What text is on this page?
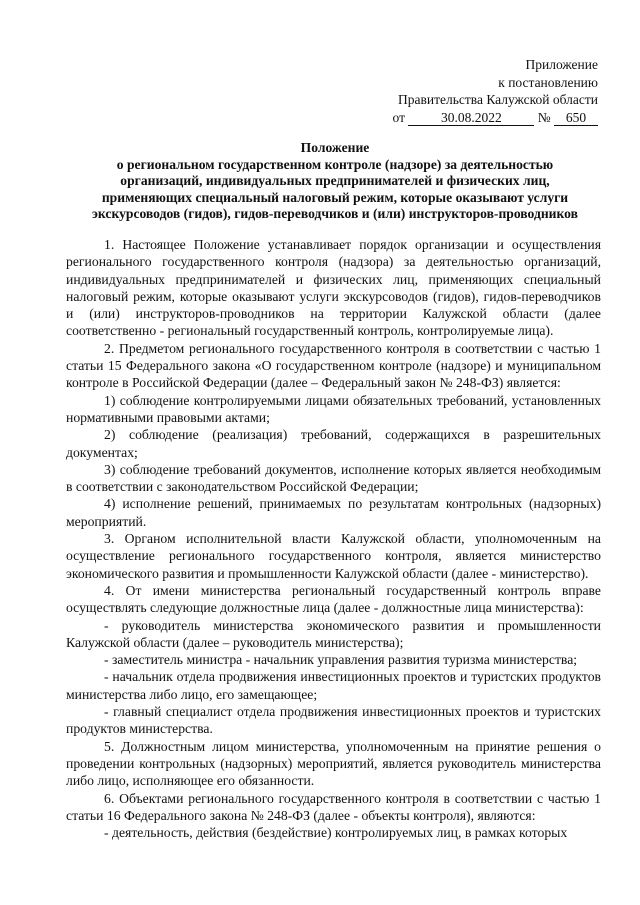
Приложение
к постановлению
Правительства Калужской области
от	30.08.2022	№ 650
Положение
о региональном государственном контроле (надзоре) за деятельностью
организаций, индивидуальных предпринимателей и физических лиц,
применяющих специальный налоговый режим, которые оказывают услуги
экскурсоводов (гидов), гидов-переводчиков и (или) инструкторов-проводников

1. Настоящее Положение устанавливает порядок организации и осуществления регионального государственного контроля (надзора) за деятельностью организаций, индивидуальных предпринимателей и физических лиц, применяющих специальный налоговый режим, которые оказывают услуги экскурсоводов (гидов), гидов-переводчиков и (или) инструкторов-проводников на территории Калужской области (далее соответственно - региональный государственный контроль, контролируемые лица).

2. Предметом регионального государственного контроля в соответствии с частью 1 статьи 15 Федерального закона «О государственном контроле (надзоре) и муниципальном контроле в Российской Федерации (далее – Федеральный закон № 248-ФЗ) является:

1) соблюдение контролируемыми лицами обязательных требований, установленных нормативными правовыми актами;

2) соблюдение (реализация) требований, содержащихся в разрешительных документах;

3) соблюдение требований документов, исполнение которых является необходимым в соответствии с законодательством Российской Федерации;

4) исполнение решений, принимаемых по результатам контрольных (надзорных) мероприятий.

3. Органом исполнительной власти Калужской области, уполномоченным на осуществление регионального государственного контроля, является министерство экономического развития и промышленности Калужской области (далее - министерство).

4. От имени министерства региональный государственный контроль вправе осуществлять следующие должностные лица (далее - должностные лица министерства):

- руководитель министерства экономического развития и промышленности Калужской области (далее – руководитель министерства);

- заместитель министра - начальник управления развития туризма министерства;

- начальник отдела продвижения инвестиционных проектов и туристских продуктов министерства либо лицо, его замещающее;

- главный специалист отдела продвижения инвестиционных проектов и туристских продуктов министерства.

5. Должностным лицом министерства, уполномоченным на принятие решения о проведении контрольных (надзорных) мероприятий, является руководитель министерства либо лицо, исполняющее его обязанности.

6. Объектами регионального государственного контроля в соответствии с частью 1 статьи 16 Федерального закона № 248-ФЗ (далее - объекты контроля), являются:

- деятельность, действия (бездействие) контролируемых лиц, в рамках которых
